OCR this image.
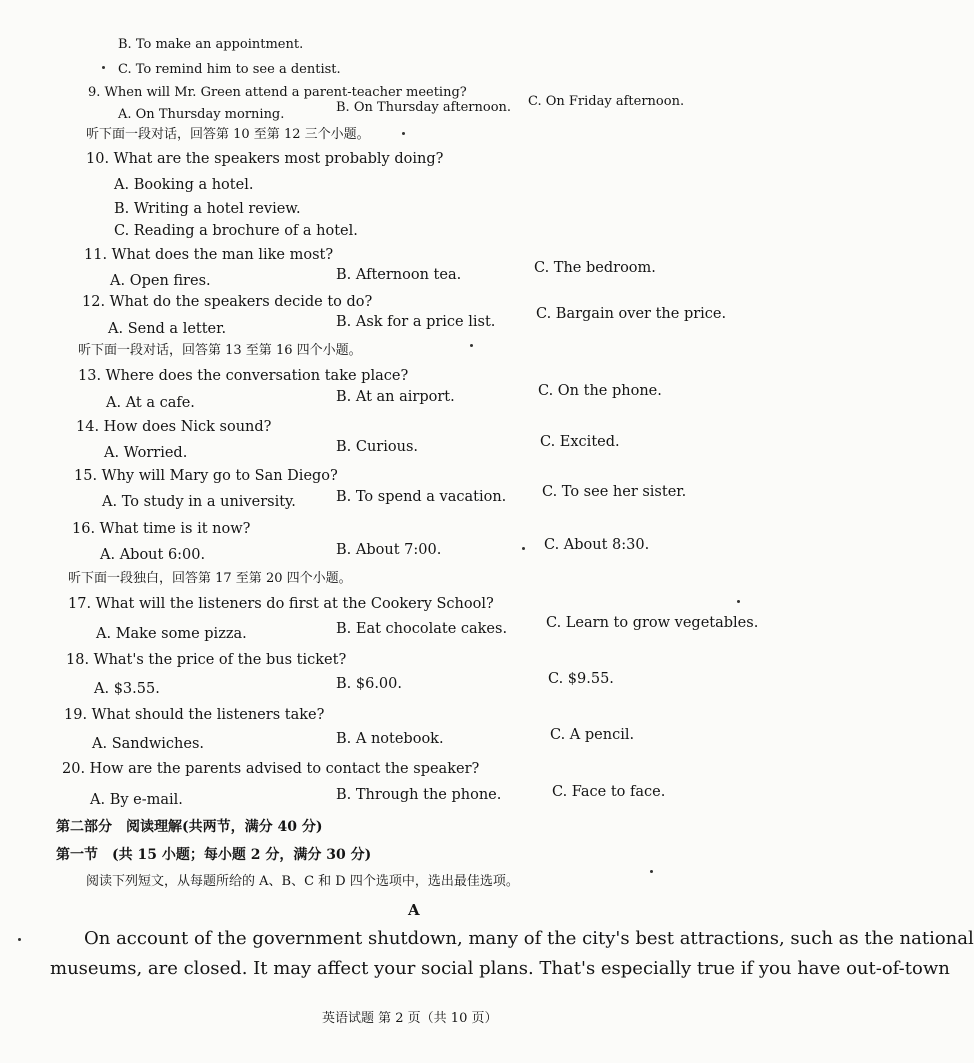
B. To make an appointment.
C. To remind him to see a dentist.
9. When will Mr. Green attend a parent-teacher meeting?
A. On Thursday morning.	B. On Thursday afternoon. C. On Friday afternoon.
听下面一段对话，回答第 10 至第 12 三个小题。
10. What are the speakers most probably doing?
A. Booking a hotel.
B. Writing a hotel review.
C. Reading a brochure of a hotel.
11. What does the man like most?
A. Open fires.	B. Afternoon tea.	C. The bedroom.
12. What do the speakers decide to do?
A. Send a letter.	B. Ask for a price list.	C. Bargain over the price.
听下面一段对话，回答第 13 至第 16 四个小题。
13. Where does the conversation take place?
A. At a cafe.	B. At an airport.	C. On the phone.
14. How does Nick sound?
A. Worried.	B. Curious.	C. Excited.
15. Why will Mary go to San Diego?
A. To study in a university.	B. To spend a vacation. C. To see her sister.
16. What time is it now?
A. About 6:00.	B. About 7:00.	C. About 8:30.
听下面一段独白，回答第 17 至第 20 四个小题。
17. What will the listeners do first at the Cookery School?
A. Make some pizza.	B. Eat chocolate cakes.	C. Learn to grow vegetables.
18. What's the price of the bus ticket?
A. $3.55.	B. $6.00.	C. $9.55.
19. What should the listeners take?
A. Sandwiches.	B. A notebook.	C. A pencil.
20. How are the parents advised to contact the speaker?
A. By e-mail.	B. Through the phone.	C. Face to face.
第二部分　阅读理解(共两节，满分 40 分)
第一节　(共 15 小题；每小题 2 分，满分 30 分)
阅读下列短文，从每题所给的 A、B、C 和 D 四个选项中，选出最佳选项。
A
On account of the government shutdown, many of the city's best attractions, such as the national
museums, are closed. It may affect your social plans. That's especially true if you have out-of-town
英语试题 第 2 页（共 10 页）
